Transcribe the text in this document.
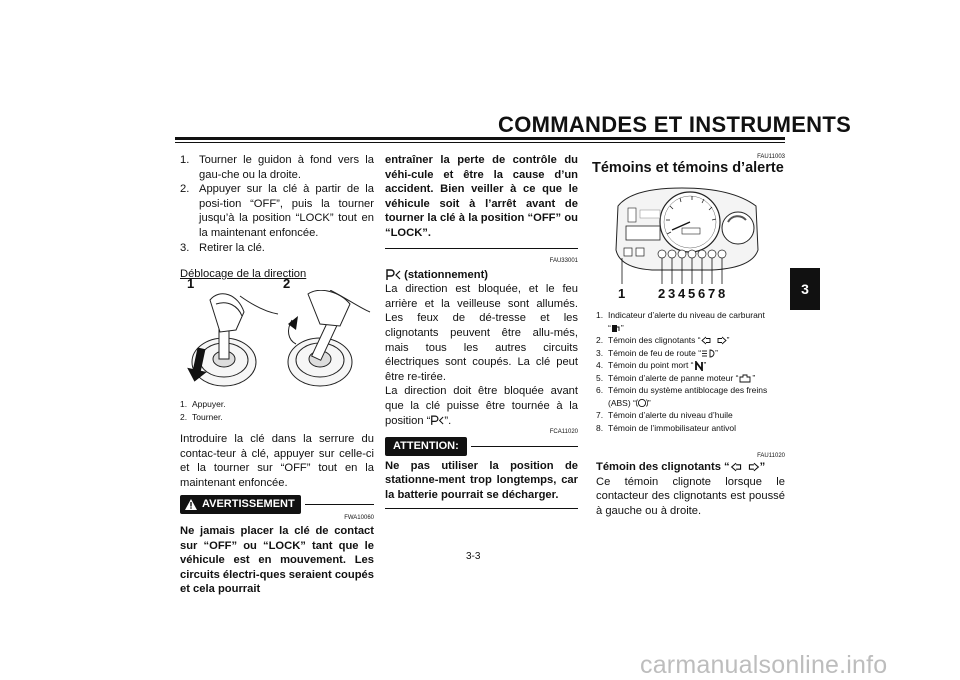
COMMANDES ET INSTRUMENTS
3
1. Tourner le guidon à fond vers la gau-che ou la droite.
2. Appuyer sur la clé à partir de la posi-tion “OFF”, puis la tourner jusqu’à la position “LOCK” tout en la maintenant enfoncée.
3. Retirer la clé.
Déblocage de la direction
1	2
1. Appuyer.
2. Tourner.

Introduire la clé dans la serrure du contac-teur à clé, appuyer sur celle-ci et la tourner sur “OFF” tout en la maintenant enfoncée.

AVERTISSEMENT
FWA10060

Ne jamais placer la clé de contact sur “OFF” ou “LOCK” tant que le véhicule est en mouvement. Les circuits électri-ques seraient coupés et cela pourrait

entraîner la perte de contrôle du véhi-cule et être la cause d’un accident. Bien veiller à ce que le véhicule soit à l’arrêt avant de tourner la clé à la position “OFF” ou “LOCK”.

FAU33001
(stationnement)

La direction est bloquée, et le feu arrière et la veilleuse sont allumés. Les feux de dé-tresse et les clignotants peuvent être allu-més, mais tous les autres circuits électriques sont coupés. La clé peut être re-tirée.

La direction doit être bloquée avant que la clé puisse être tournée à la position “ ”.

FCA11020
ATTENTION:

Ne pas utiliser la position de stationne-ment trop longtemps, car la batterie pourrait se décharger.

FAU11003
Témoins et témoins d’alerte
1	2 3 4 5 6 7 8
1. Indicateur d’alerte du niveau de carburant
“ ”
2. Témoin des clignotants “	”
3. Témoin de feu de route “ ”
4. Témoin du point mort “ ”
5. Témoin d’alerte de panne moteur “ ”
6. Témoin du système antiblocage des freins
(ABS) “ ”
7. Témoin d’alerte du niveau d’huile
8. Témoin de l’immobilisateur antivol
FAU11020
Témoin des clignotants “	”

Ce témoin clignote lorsque le contacteur des clignotants est poussé à gauche ou à droite.

3-3
carmanualsonline.info
